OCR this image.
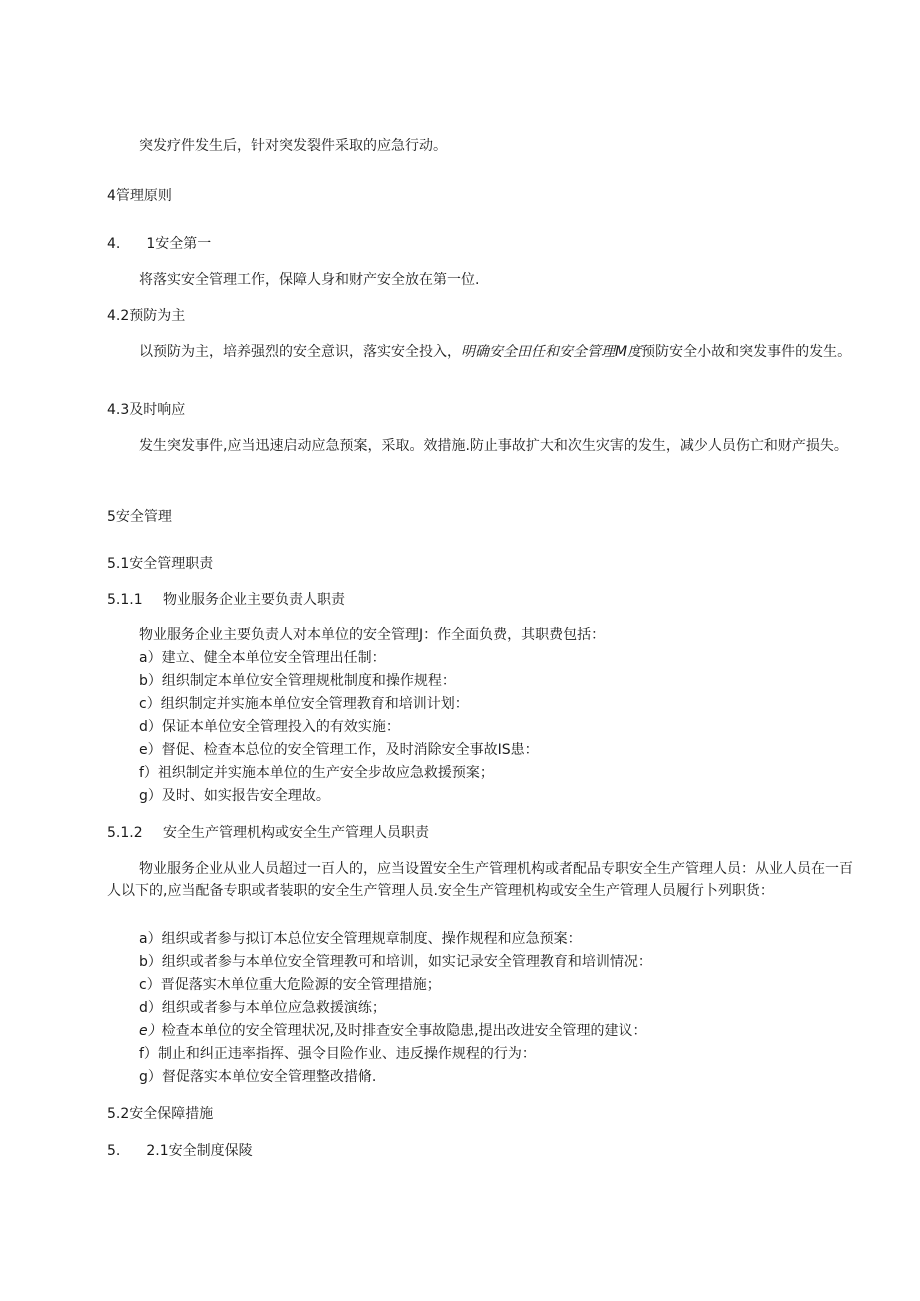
突发疗件发生后，针对突发裂件采取的应急行动。

4管理原则

4. 1安全第一

将落实安全管理工作，保障人身和财产安全放在第一位.

4.2预防为主

以预防为主，培养强烈的安全意识，落实安全投入，明确安全田任和安全管理M度预防安全小故和突发事件的发生。

4.3及时响应

发生突发事件,应当迅速启动应急预案，采取。效措施.防止事故扩大和次生灾害的发生，减少人员伤亡和财产损失。

5安全管理

5.1安全管理职责

5.1.1 物业服务企业主要负责人职责

物业服务企业主要负责人对本单位的安全管理J：作全面负费，其职费包括：

a）建立、健全本单位安全管理出任制：

b）组织制定本单位安全管理规枇制度和操作规程：

c）组织制定并实施本单位安全管理教育和培训计划：

d）保证本单位安全管理投入的有效实施：

e）督促、检查本总位的安全管理工作，及时消除安全事故IS患：

f）祖织制定并实施本单位的生产安全步故应急救援预案；

g）及时、如实报告安全理故。

5.1.2 安全生产管理机构或安全生产管理人员职责

物业服务企业从业人员超过一百人的，应当设置安全生产管理机构或者配品专职安全生产管理人员：从业人员在一百人以下的,应当配备专职或者装职的安全生产管理人员.安全生产管理机构或安全生产管理人员履行卜列职货：

a）组织或者参与拟订本总位安全管理规章制度、操作规程和应急预案：

b）组织或者参与本单位安全管理教可和培训，如实记录安全管理教育和培训情况：

c）晋促落实木单位重大危险源的安全管理措施；

d）组织或者参与本单位应急救援演练；

e）检查本单位的安全管理状况,及时排查安全事故隐患,提出改进安全管理的建议：

f）制止和纠正违率指挥、强令目险作业、违反操作规程的行为：

g）督促落实本单位安全管理整改措脩.

5.2安全保障措施

5. 2.1安全制度保陵
